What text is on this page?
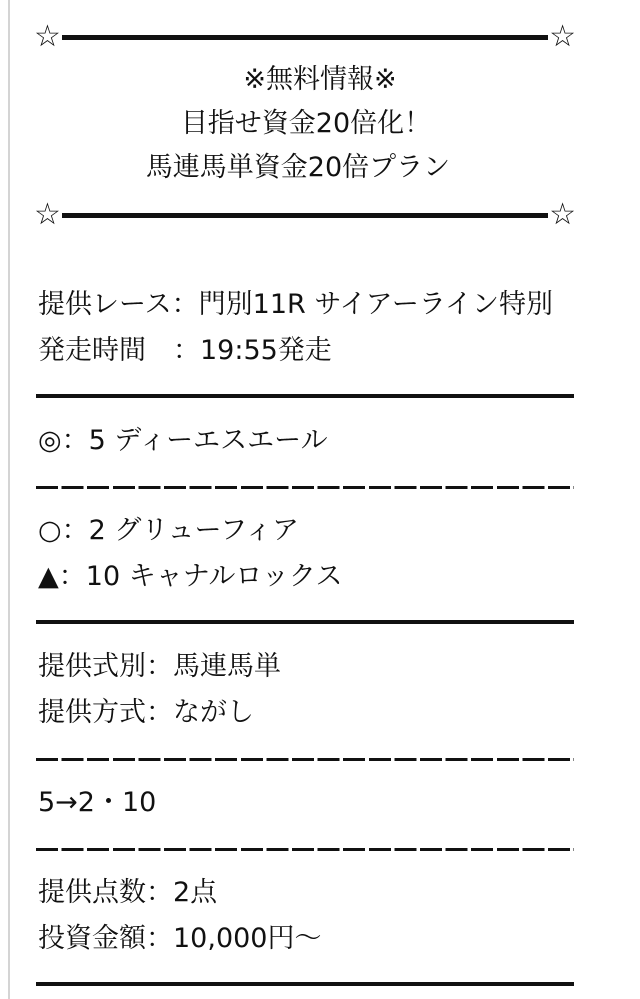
☆	☆
※無料情報※
目指せ資金20倍化！
馬連馬単資金20倍プラン
☆	☆
提供レース：門別11R サイアーライン特別
発走時間　：19:55発走
◎：5 ディーエスエール
○：2 グリューフィア
▲：10 キャナルロックス
提供式別：馬連馬単
提供方式：ながし
5→2・10
提供点数：2点
投資金額：10,000円〜
